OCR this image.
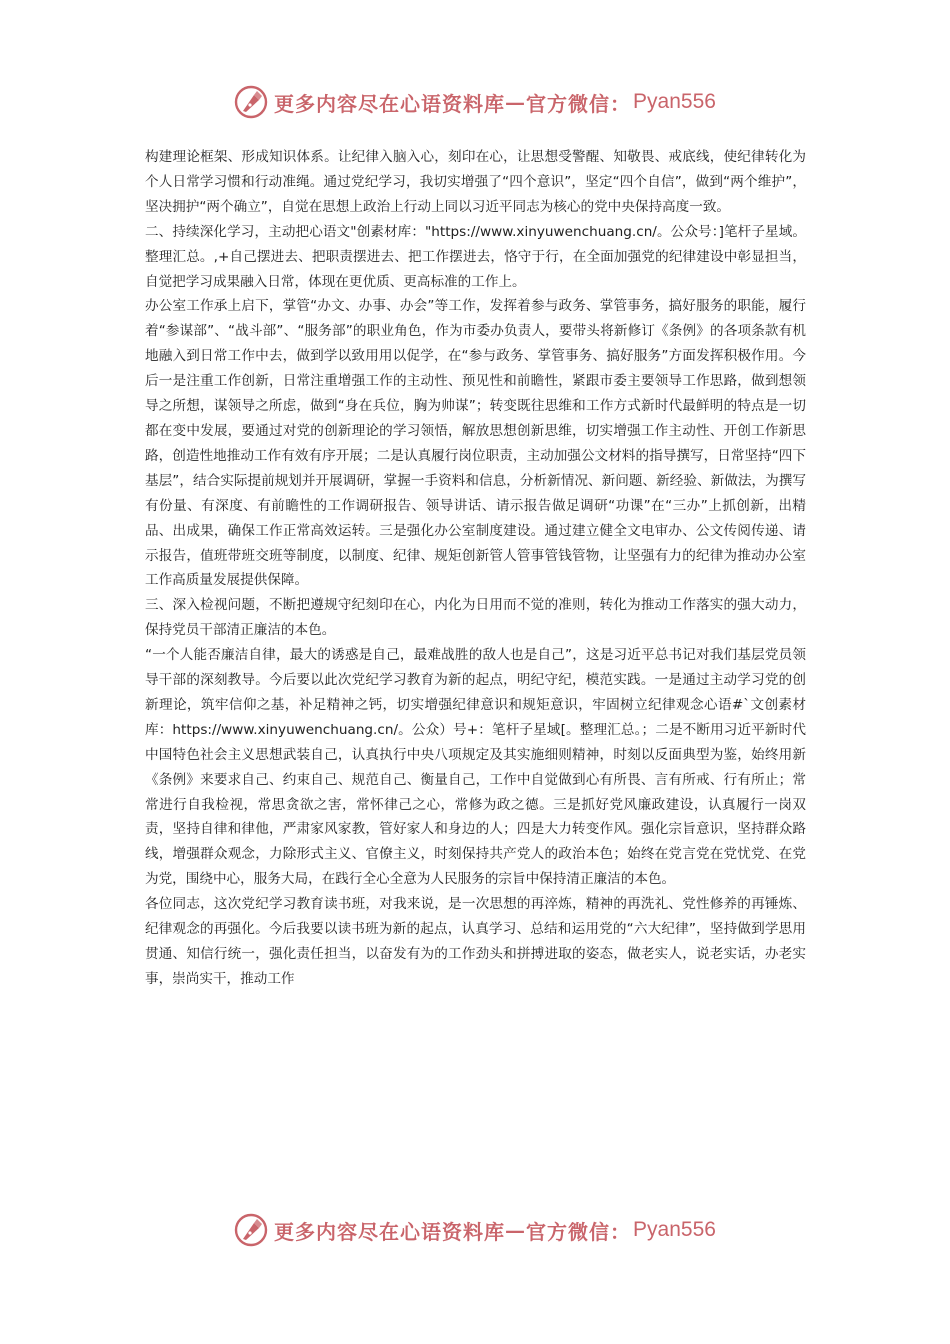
更多内容尽在心语资料库 — 官方微信： Pyan556

构建理论框架、形成知识体系。让纪律入脑入心，刻印在心，让思想受警醒、知敬畏、戒底线，使纪律转化为个人日常学习惯和行动准绳。通过党纪学习，我切实增强了“四个意识”，坚定“四个自信”，做到“两个维护”，坚决拥护“两个确立”，自觉在思想上政治上行动上同以习近平同志为核心的党中央保持高度一致。

二、持续深化学习，主动把心语文"创素材库："https://www.xinyuwenchuang.cn/。公众号：]笔杆子星域。整理汇总。,+自己摆进去、把职责摆进去、把工作摆进去，恪守于行，在全面加强党的纪律建设中彰显担当，自觉把学习成果融入日常，体现在更优质、更高标准的工作上。

办公室工作承上启下，掌管“办文、办事、办会”等工作，发挥着参与政务、掌管事务，搞好服务的职能，履行着“参谋部”、“战斗部”、“服务部”的职业角色，作为市委办负责人，要带头将新修订《条例》的各项条款有机地融入到日常工作中去，做到学以致用用以促学，在“参与政务、掌管事务、搞好服务”方面发挥积极作用。今后一是注重工作创新，日常注重增强工作的主动性、预见性和前瞻性，紧跟市委主要领导工作思路，做到想领导之所想，谋领导之所虑，做到“身在兵位，胸为帅谋”；转变既往思维和工作方式新时代最鲜明的特点是一切都在变中发展，要通过对党的创新理论的学习领悟，解放思想创新思维，切实增强工作主动性、开创工作新思路，创造性地推动工作有效有序开展；二是认真履行岗位职责，主动加强公文材料的指导撰写，日常坚持“四下基层”，结合实际提前规划并开展调研，掌握一手资料和信息，分析新情况、新问题、新经验、新做法，为撰写有份量、有深度、有前瞻性的工作调研报告、领导讲话、请示报告做足调研“功课”在“三办”上抓创新，出精品、出成果，确保工作正常高效运转。三是强化办公室制度建设。通过建立健全文电审办、公文传阅传递、请示报告，值班带班交班等制度，以制度、纪律、规矩创新管人管事管钱管物，让坚强有力的纪律为推动办公室工作高质量发展提供保障。

三、深入检视问题，不断把遵规守纪刻印在心，内化为日用而不觉的准则，转化为推动工作落实的强大动力，保持党员干部清正廉洁的本色。

“一个人能否廉洁自律，最大的诱惑是自己，最难战胜的敌人也是自己”，这是习近平总书记对我们基层党员领导干部的深刻教导。今后要以此次党纪学习教育为新的起点，明纪守纪，模范实践。一是通过主动学习党的创新理论，筑牢信仰之基，补足精神之钙，切实增强纪律意识和规矩意识，牢固树立纪律观念心语#`文创素材库：https://www.xinyuwenchuang.cn/。公众）号+：笔杆子星域[。整理汇总。；二是不断用习近平新时代中国特色社会主义思想武装自己，认真执行中央八项规定及其实施细则精神，时刻以反面典型为鉴，始终用新《条例》来要求自己、约束自己、规范自己、衡量自己，工作中自觉做到心有所畏、言有所戒、行有所止；常常进行自我检视，常思贪欲之害，常怀律己之心，常修为政之德。三是抓好党风廉政建设，认真履行一岗双责，坚持自律和律他，严肃家风家教，管好家人和身边的人；四是大力转变作风。强化宗旨意识，坚持群众路线，增强群众观念，力除形式主义、官僚主义，时刻保持共产党人的政治本色；始终在党言党在党忧党、在党为党，围绕中心，服务大局，在践行全心全意为人民服务的宗旨中保持清正廉洁的本色。

各位同志，这次党纪学习教育读书班，对我来说，是一次思想的再淬炼，精神的再洗礼、党性修养的再锤炼、纪律观念的再强化。今后我要以读书班为新的起点，认真学习、总结和运用党的“六大纪律”，坚持做到学思用贯通、知信行统一，强化责任担当，以奋发有为的工作劲头和拼搏进取的姿态，做老实人，说老实话，办老实事，崇尚实干，推动工作

更多内容尽在心语资料库 — 官方微信： Pyan556
